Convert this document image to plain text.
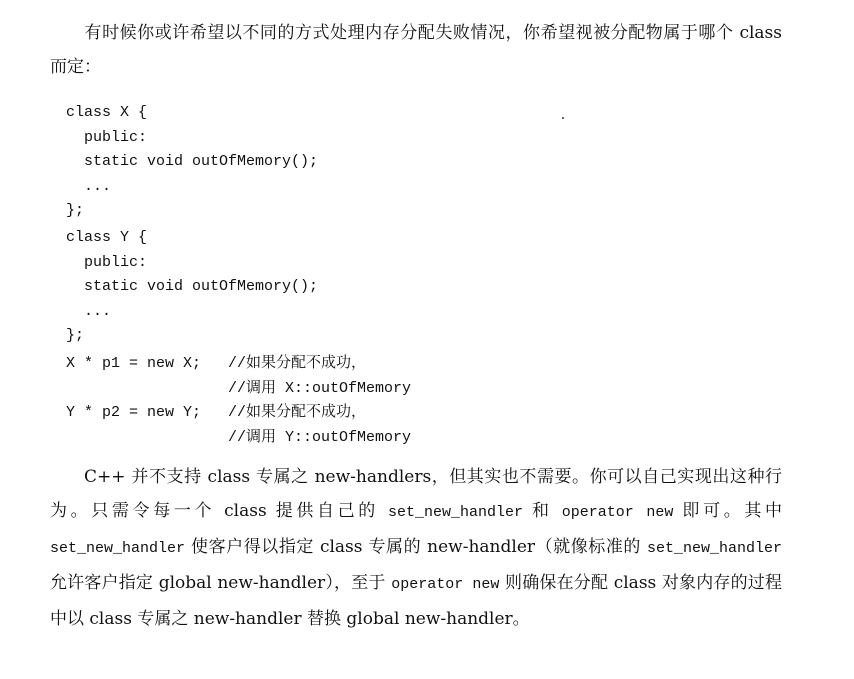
有时候你或许希望以不同的方式处理内存分配失败情况，你希望视被分配物属于哪个 class 而定：

class X {
public:
static void outOfMemory();
...
};
class Y {
public:
static void outOfMemory();
...
};
X * p1 = new X;   //如果分配不成功，
//调用 X::outOfMemory
Y * p2 = new Y;   //如果分配不成功，
//调用 Y::outOfMemory

C++ 并不支持 class 专属之 new-handlers，但其实也不需要。你可以自己实现出这种行为。只需令每一个 class 提供自己的 set_new_handler 和 operator new 即可。其中 set_new_handler 使客户得以指定 class 专属的 new-handler（就像标准的 set_new_handler 允许客户指定 global new-handler），至于 operator new 则确保在分配 class 对象内存的过程中以 class 专属之 new-handler 替换 global new-handler。
